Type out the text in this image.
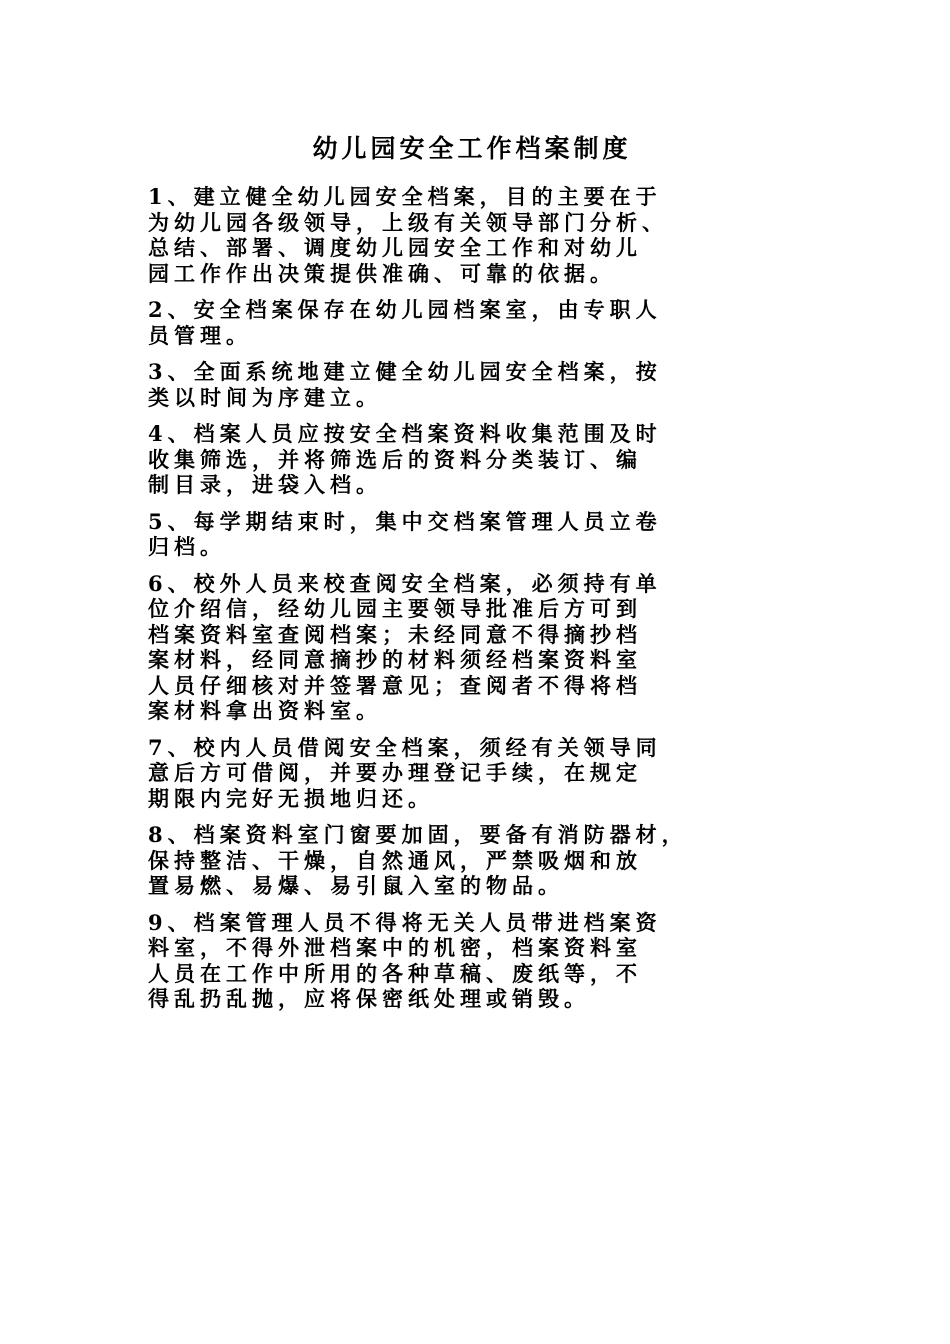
幼儿园安全工作档案制度
1、建立健全幼儿园安全档案，目的主要在于
为幼儿园各级领导，上级有关领导部门分析、
总结、部署、调度幼儿园安全工作和对幼儿
园工作作出决策提供准确、可靠的依据。
2、安全档案保存在幼儿园档案室，由专职人
员管理。
3、全面系统地建立健全幼儿园安全档案，按
类以时间为序建立。
4、档案人员应按安全档案资料收集范围及时
收集筛选，并将筛选后的资料分类装订、编
制目录，进袋入档。
5、每学期结束时，集中交档案管理人员立卷
归档。
6、校外人员来校查阅安全档案，必须持有单
位介绍信，经幼儿园主要领导批准后方可到
档案资料室查阅档案；未经同意不得摘抄档
案材料，经同意摘抄的材料须经档案资料室
人员仔细核对并签署意见；查阅者不得将档
案材料拿出资料室。
7、校内人员借阅安全档案，须经有关领导同
意后方可借阅，并要办理登记手续，在规定
期限内完好无损地归还。
8、档案资料室门窗要加固，要备有消防器材，
保持整洁、干燥，自然通风，严禁吸烟和放
置易燃、易爆、易引鼠入室的物品。
9、档案管理人员不得将无关人员带进档案资
料室，不得外泄档案中的机密，档案资料室
人员在工作中所用的各种草稿、废纸等，不
得乱扔乱抛，应将保密纸处理或销毁。
